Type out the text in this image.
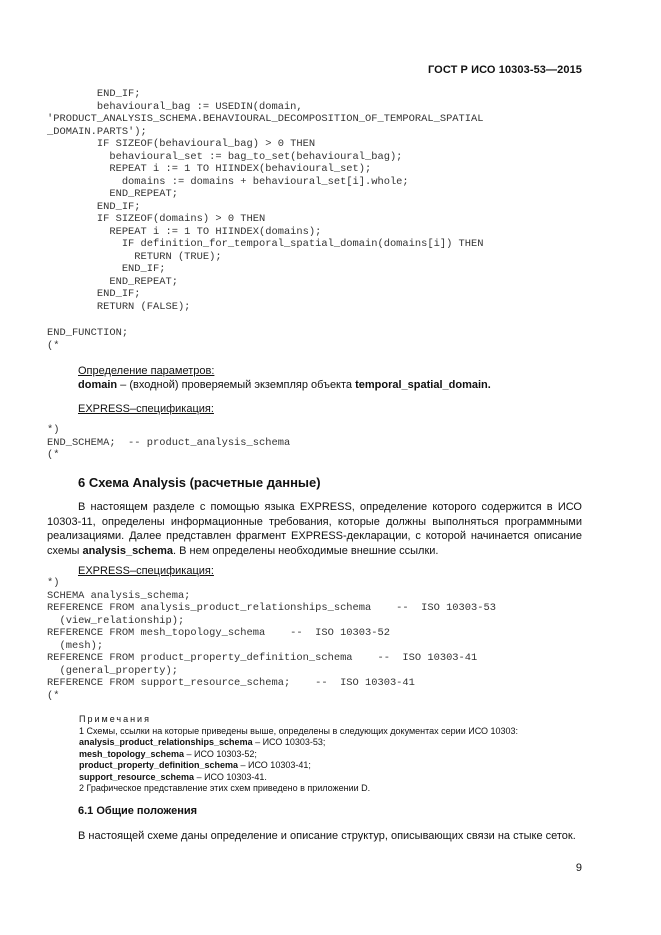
ГОСТ Р ИСО 10303-53—2015
END_IF;
behavioural_bag := USEDIN(domain,
'PRODUCT_ANALYSIS_SCHEMA.BEHAVIOURAL_DECOMPOSITION_OF_TEMPORAL_SPATIAL
_DOMAIN.PARTS');
IF SIZEOF(behavioural_bag) > 0 THEN
behavioural_set := bag_to_set(behavioural_bag);
REPEAT i := 1 TO HIINDEX(behavioural_set);
domains := domains + behavioural_set[i].whole;
END_REPEAT;
END_IF;
IF SIZEOF(domains) > 0 THEN
REPEAT i := 1 TO HIINDEX(domains);
IF definition_for_temporal_spatial_domain(domains[i]) THEN
RETURN (TRUE);
END_IF;
END_REPEAT;
END_IF;
RETURN (FALSE);
END_FUNCTION;
(*
Определение параметров:
domain – (входной) проверяемый экземпляр объекта temporal_spatial_domain.
EXPRESS–спецификация:
*)
END_SCHEMA;  -- product_analysis_schema
(*
6 Схема Analysis (расчетные данные)
В настоящем разделе с помощью языка EXPRESS, определение которого содержится в ИСО 10303-11, определены информационные требования, которые должны выполняться программными реализациями. Далее представлен фрагмент EXPRESS-декларации, с которой начинается описание схемы analysis_schema. В нем определены необходимые внешние ссылки.
EXPRESS–спецификация:
*)
SCHEMA analysis_schema;
REFERENCE FROM analysis_product_relationships_schema    --  ISO 10303-53
(view_relationship);
REFERENCE FROM mesh_topology_schema    --  ISO 10303-52
(mesh);
REFERENCE FROM product_property_definition_schema    --  ISO 10303-41
(general_property);
REFERENCE FROM support_resource_schema;    --  ISO 10303-41
(*
Примечания
1 Схемы, ссылки на которые приведены выше, определены в следующих документах серии ИСО 10303:
analysis_product_relationships_schema – ИСО 10303-53;
mesh_topology_schema – ИСО 10303-52;
product_property_definition_schema – ИСО 10303-41;
support_resource_schema – ИСО 10303-41.
2 Графическое представление этих схем приведено в приложении D.
6.1 Общие положения
В настоящей схеме даны определение и описание структур, описывающих связи на стыке сеток.
9
